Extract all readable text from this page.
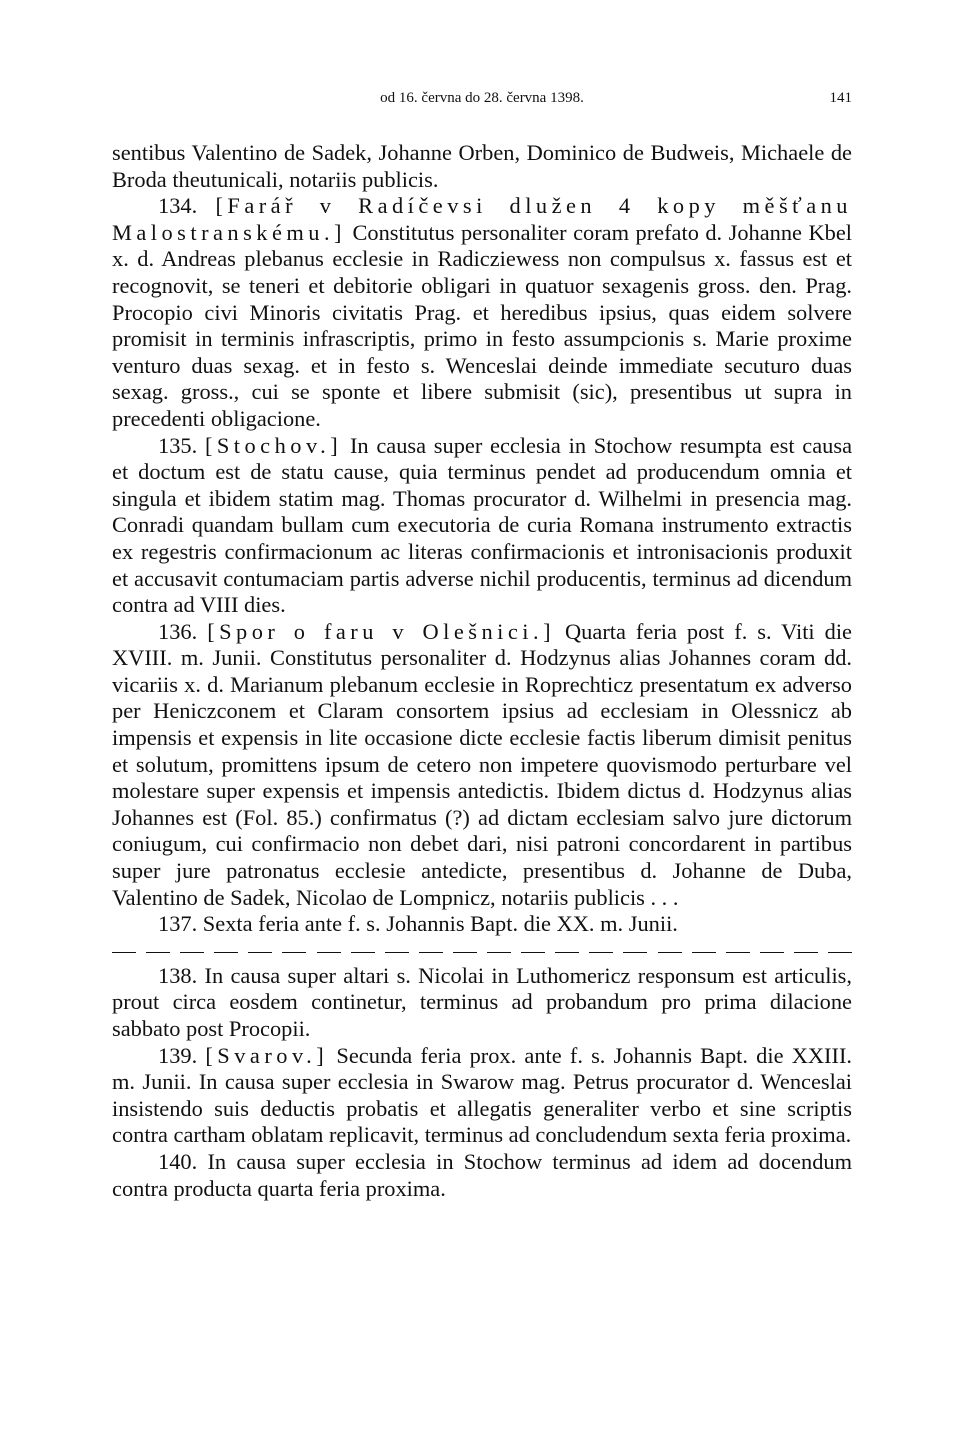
od 16. června do 28. června 1398.	141

sentibus Valentino de Sadek, Johanne Orben, Dominico de Budweis, Michaele de Broda theutunicali, notariis publicis.

134. [Farář v Radíčevsi dlužen 4 kopy měšťanu Malostranskému.] Constitutus personaliter coram prefato d. Johanne Kbel x. d. Andreas plebanus ecclesie in Radicziewess non compulsus x. fassus est et recognovit, se teneri et debitorie obligari in quatuor sexagenis gross. den. Prag. Procopio civi Minoris civitatis Prag. et heredibus ipsius, quas eidem solvere promisit in terminis infrascriptis, primo in festo assumpcionis s. Marie proxime venturo duas sexag. et in festo s. Wenceslai deinde immediate secuturo duas sexag. gross., cui se sponte et libere submisit (sic), presentibus ut supra in precedenti obligacione.

135. [Stochov.] In causa super ecclesia in Stochow resumpta est causa et doctum est de statu cause, quia terminus pendet ad producendum omnia et singula et ibidem statim mag. Thomas procurator d. Wilhelmi in presencia mag. Conradi quandam bullam cum executoria de curia Romana instrumento extractis ex regestris confirmacionum ac literas confirmacionis et intronisacionis produxit et accusavit contumaciam partis adverse nichil producentis, terminus ad dicendum contra ad VIII dies.

136. [Spor o faru v Olešnici.] Quarta feria post f. s. Viti die XVIII. m. Junii. Constitutus personaliter d. Hodzynus alias Johannes coram dd. vicariis x. d. Marianum plebanum ecclesie in Roprechticz presentatum ex adverso per Heniczconem et Claram consortem ipsius ad ecclesiam in Olessnicz ab impensis et expensis in lite occasione dicte ecclesie factis liberum dimisit penitus et solutum, promittens ipsum de cetero non impetere quovismodo perturbare vel molestare super expensis et impensis antedictis. Ibidem dictus d. Hodzynus alias Johannes est (Fol. 85.) confirmatus (?) ad dictam ecclesiam salvo jure dictorum coniugum, cui confirmacio non debet dari, nisi patroni concordarent in partibus super jure patronatus ecclesie antedicte, presentibus d. Johanne de Duba, Valentino de Sadek, Nicolao de Lompnicz, notariis publicis . . .

137. Sexta feria ante f. s. Johannis Bapt. die XX. m. Junii.

138. In causa super altari s. Nicolai in Luthomericz responsum est articulis, prout circa eosdem continetur, terminus ad probandum pro prima dilacione sabbato post Procopii.

139. [Svarov.] Secunda feria prox. ante f. s. Johannis Bapt. die XXIII. m. Junii. In causa super ecclesia in Swarow mag. Petrus procurator d. Wenceslai insistendo suis deductis probatis et allegatis generaliter verbo et sine scriptis contra cartham oblatam replicavit, terminus ad concludendum sexta feria proxima.

140. In causa super ecclesia in Stochow terminus ad idem ad docendum contra producta quarta feria proxima.
